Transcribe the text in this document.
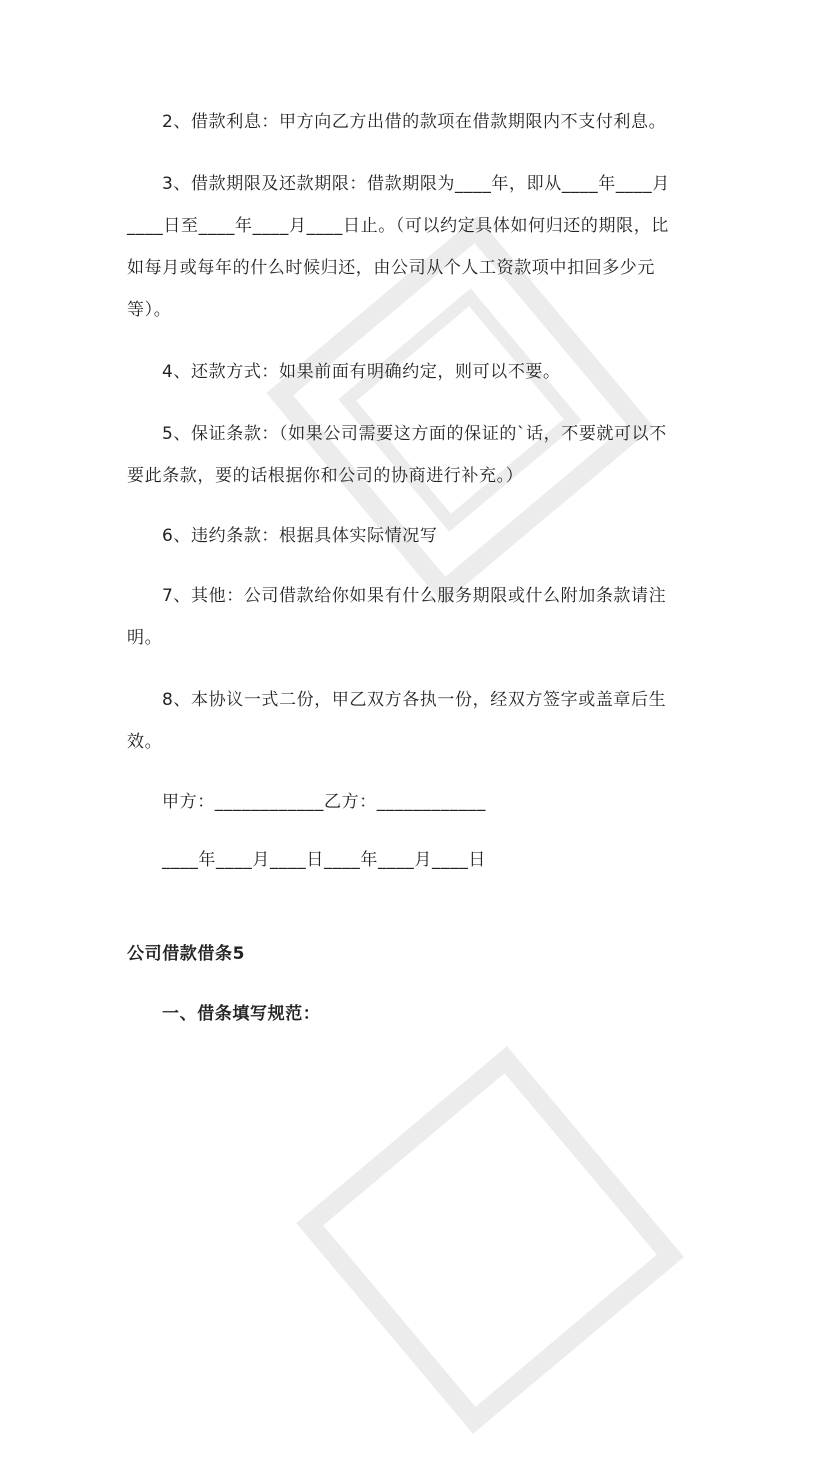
2、借款利息：甲方向乙方出借的款项在借款期限内不支付利息。
3、借款期限及还款期限：借款期限为____年，即从____年____月
____日至____年____月____日止。（可以约定具体如何归还的期限，比
如每月或每年的什么时候归还，由公司从个人工资款项中扣回多少元
等）。
4、还款方式：如果前面有明确约定，则可以不要。
5、保证条款：（如果公司需要这方面的保证的`话，不要就可以不
要此条款，要的话根据你和公司的协商进行补充。）
6、违约条款：根据具体实际情况写
7、其他：公司借款给你如果有什么服务期限或什么附加条款请注
明。
8、本协议一式二份，甲乙双方各执一份，经双方签字或盖章后生
效。
甲方：____________乙方：____________
____年____月____日____年____月____日
公司借款借条5
一、借条填写规范：
